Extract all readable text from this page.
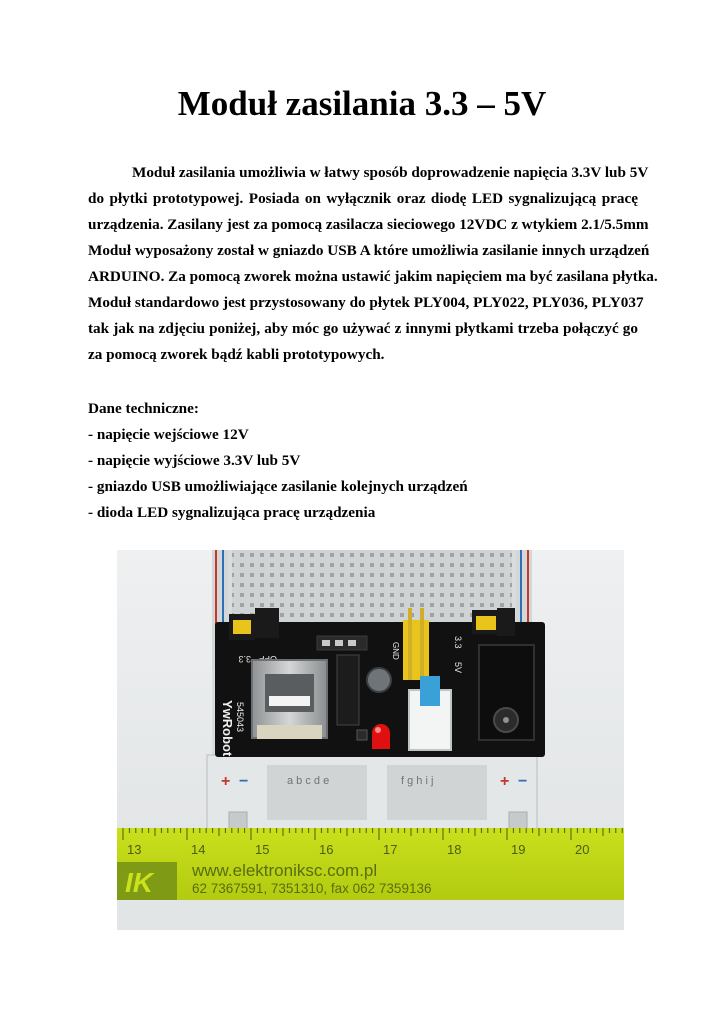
Moduł zasilania 3.3 – 5V
Moduł zasilania umożliwia w łatwy sposób doprowadzenie napięcia 3.3V lub 5V
do płytki prototypowej. Posiada on wyłącznik oraz diodę LED sygnalizującą pracę
urządzenia. Zasilany jest za pomocą zasilacza sieciowego 12VDC z wtykiem 2.1/5.5mm
Moduł wyposażony został w gniazdo USB A które umożliwia zasilanie innych urządzeń
ARDUINO. Za pomocą zworek można ustawić jakim napięciem ma być zasilana płytka.
Moduł standardowo jest przystosowany do płytek PLY004, PLY022, PLY036, PLY037
tak jak na zdjęciu poniżej, aby móc go używać z innymi płytkami trzeba połączyć go
za pomocą zworek bądź kabli prototypowych.
Dane techniczne:
- napięcie wejściowe 12V
- napięcie wyjściowe 3.3V lub 5V
- gniazdo USB umożliwiające zasilanie kolejnych urządzeń
- dioda LED sygnalizująca pracę urządzenia
a b c d e	f g h i j
+ −	+ −
3.3
YwRobot 545043
GND	3.3
5V
13	14	15	16	17	18	19	20
IK www.elektroniksc.com.pl
62 7367591, 7351310, fax 062 7359136
